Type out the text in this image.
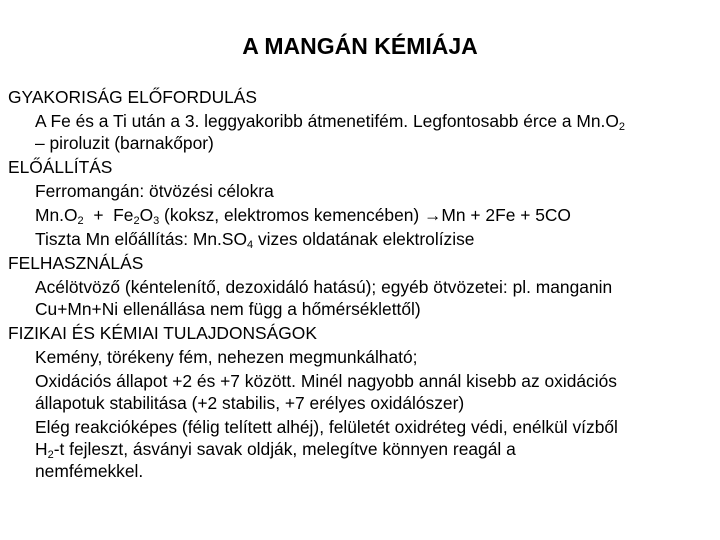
A MANGÁN KÉMIÁJA
GYAKORISÁG ELŐFORDULÁS
A Fe és a Ti után a 3. leggyakoribb átmenetifém. Legfontosabb érce a $Mn.O_2$
– piroluzit (barnakőpor)
ELŐÁLLÍTÁS
Ferromangán: ötvözési célokra
$Mn.O_2 + Fe_2O_3$ (koksz, elektromos kemencében) →Mn + 2Fe + 5CO
Tiszta Mn előállítás: $Mn.SO_4$ vizes oldatának elektrolízise
FELHASZNÁLÁS
Acélötvöző (kéntelenítő, dezoxidáló hatású); egyéb ötvözetei: pl. manganin
Cu+Mn+Ni ellenállása nem függ a hőmérséklettől)
FIZIKAI ÉS KÉMIAI TULAJDONSÁGOK
Kemény, törékeny fém, nehezen megmunkálható;
Oxidációs állapot +2 és +7 között. Minél nagyobb annál kisebb az oxidációs
állapotuk stabilitása (+2 stabilis, +7 erélyes oxidálószer)
Elég reakcióképes (félig telített alhéj), felületét oxidréteg védi, enélkül vízből
$H_2-t$ fejleszt, ásványi savak oldják, melegítve könnyen reagál a
nemfémekkel.
